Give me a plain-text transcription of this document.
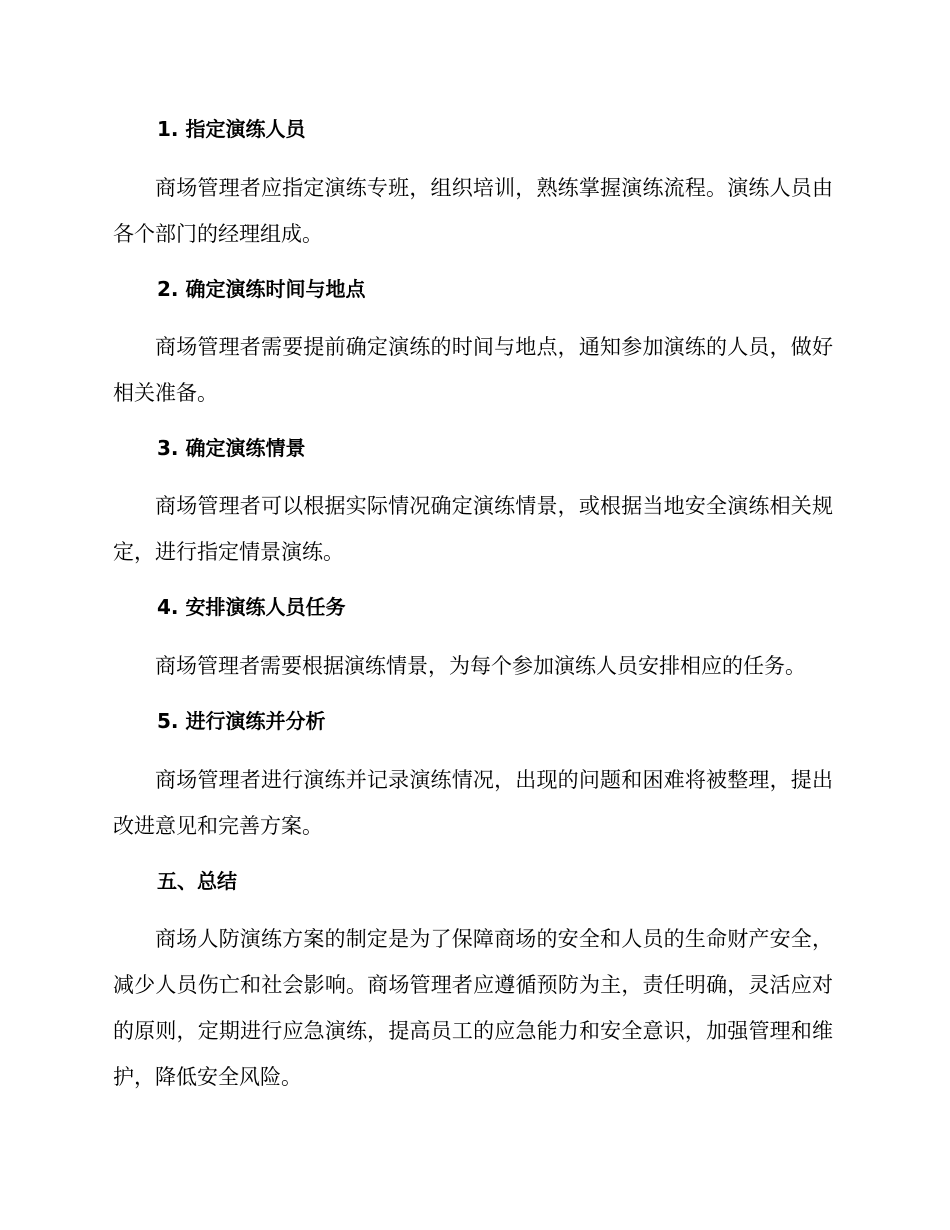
1. 指定演练人员
商场管理者应指定演练专班，组织培训，熟练掌握演练流程。演练人员由各个部门的经理组成。
2. 确定演练时间与地点
商场管理者需要提前确定演练的时间与地点，通知参加演练的人员，做好相关准备。
3. 确定演练情景
商场管理者可以根据实际情况确定演练情景，或根据当地安全演练相关规定，进行指定情景演练。
4. 安排演练人员任务
商场管理者需要根据演练情景，为每个参加演练人员安排相应的任务。
5. 进行演练并分析
商场管理者进行演练并记录演练情况，出现的问题和困难将被整理，提出改进意见和完善方案。
五、总结
商场人防演练方案的制定是为了保障商场的安全和人员的生命财产安全，减少人员伤亡和社会影响。商场管理者应遵循预防为主，责任明确，灵活应对的原则，定期进行应急演练，提高员工的应急能力和安全意识，加强管理和维护，降低安全风险。
